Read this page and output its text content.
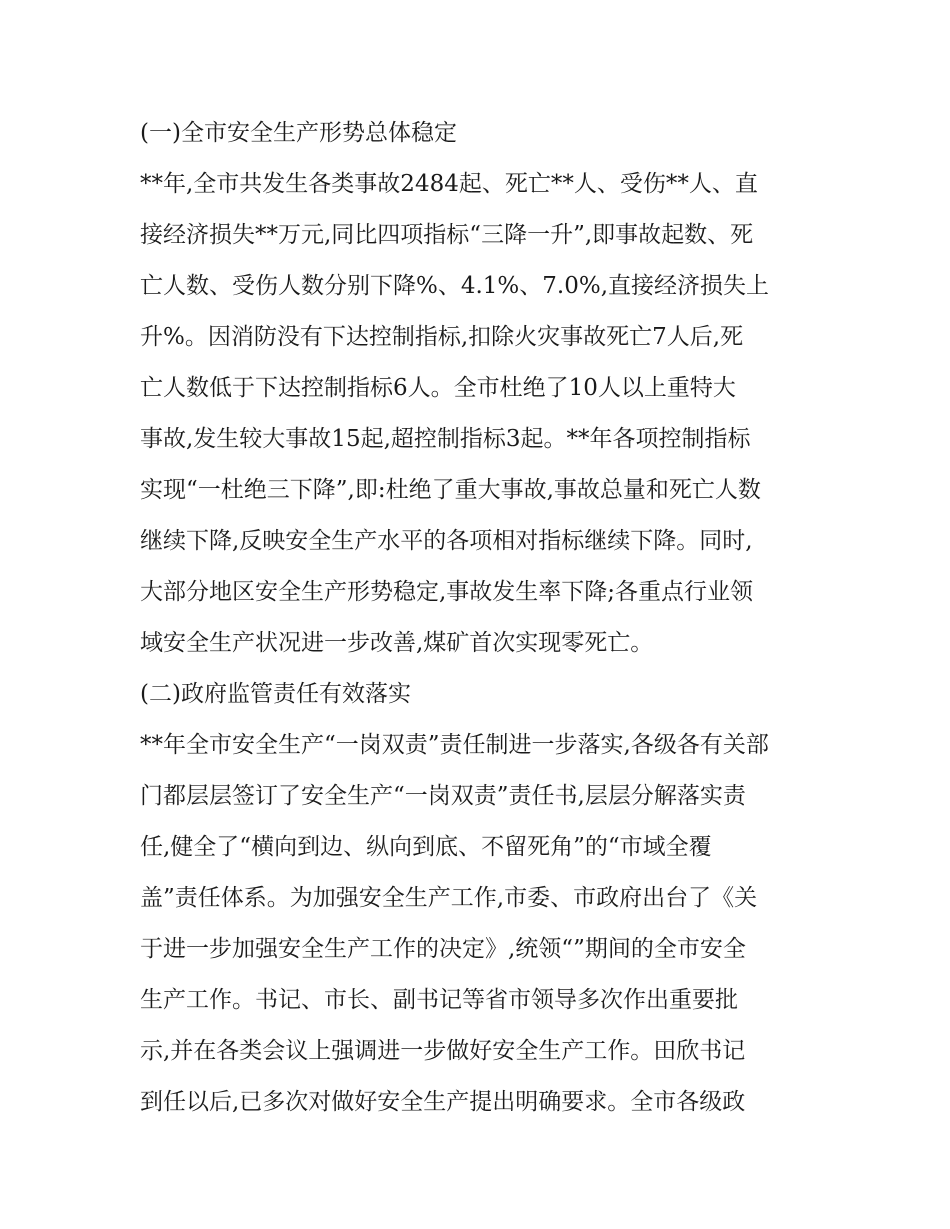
(一)全市安全生产形势总体稳定
**年,全市共发生各类事故2484起、死亡**人、受伤**人、直
接经济损失**万元,同比四项指标“三降一升”,即事故起数、死
亡人数、受伤人数分别下降%、4.1%、7.0%,直接经济损失上
升%。因消防没有下达控制指标,扣除火灾事故死亡7人后,死
亡人数低于下达控制指标6人。全市杜绝了10人以上重特大
事故,发生较大事故15起,超控制指标3起。**年各项控制指标
实现“一杜绝三下降”,即:杜绝了重大事故,事故总量和死亡人数
继续下降,反映安全生产水平的各项相对指标继续下降。同时,
大部分地区安全生产形势稳定,事故发生率下降;各重点行业领
域安全生产状况进一步改善,煤矿首次实现零死亡。
(二)政府监管责任有效落实
**年全市安全生产“一岗双责”责任制进一步落实,各级各有关部
门都层层签订了安全生产“一岗双责”责任书,层层分解落实责
任,健全了“横向到边、纵向到底、不留死角”的“市域全覆
盖”责任体系。为加强安全生产工作,市委、市政府出台了《关
于进一步加强安全生产工作的决定》,统领“”期间的全市安全
生产工作。书记、市长、副书记等省市领导多次作出重要批
示,并在各类会议上强调进一步做好安全生产工作。田欣书记
到任以后,已多次对做好安全生产提出明确要求。全市各级政
